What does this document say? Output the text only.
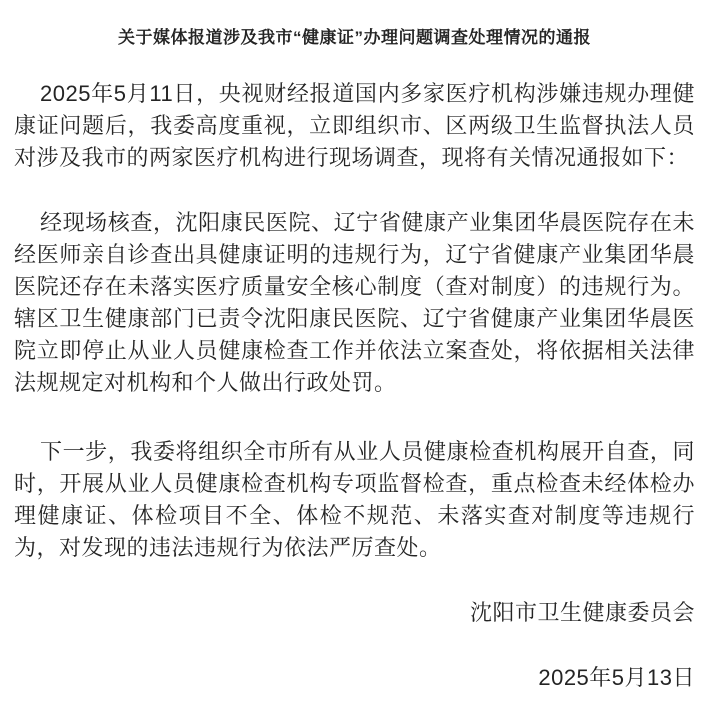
关于媒体报道涉及我市“健康证”办理问题调查处理情况的通报

2025年5月11日，央视财经报道国内多家医疗机构涉嫌违规办理健康证问题后，我委高度重视，立即组织市、区两级卫生监督执法人员对涉及我市的两家医疗机构进行现场调查，现将有关情况通报如下：

经现场核查，沈阳康民医院、辽宁省健康产业集团华晨医院存在未经医师亲自诊查出具健康证明的违规行为，辽宁省健康产业集团华晨医院还存在未落实医疗质量安全核心制度（查对制度）的违规行为。辖区卫生健康部门已责令沈阳康民医院、辽宁省健康产业集团华晨医院立即停止从业人员健康检查工作并依法立案查处，将依据相关法律法规规定对机构和个人做出行政处罚。

下一步，我委将组织全市所有从业人员健康检查机构展开自查，同时，开展从业人员健康检查机构专项监督检查，重点检查未经体检办理健康证、体检项目不全、体检不规范、未落实查对制度等违规行为，对发现的违法违规行为依法严厉查处。

沈阳市卫生健康委员会

2025年5月13日
